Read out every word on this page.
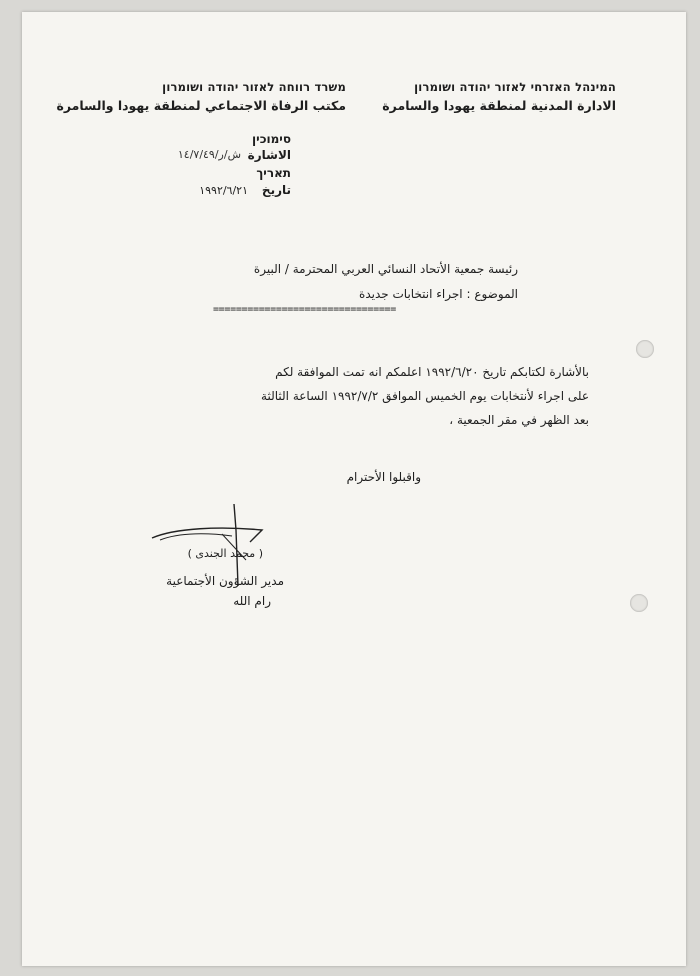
המינהל האזרחי לאזור יהודה ושומרון
الادارة المدنية لمنطقة يهودا والسامرة
משרד רווחה לאזור יהודה ושומרון
مكتب الرفاة الاجتماعي لمنطقة يهودا والسامرة
סימוכין
الاشارة
ش/ر/١٤/٧/٤٩
תאריך
تاريخ
١٩٩٢/٦/٢١
رئيسة جمعية الأتحاد النسائي العربي المحترمة / البيرة
الموضوع : اجراء انتخابات جديدة
================================
بالأشارة لكتابكم تاريخ ١٩٩٢/٦/٢٠ اعلمكم انه تمت الموافقة لكم
على اجراء لأنتخابات يوم الخميس الموافق ١٩٩٢/٧/٢ الساعة الثالثة
بعد الظهر في مقر الجمعية ،
واقبلوا الأحترام
( محمد الجندى )
مدير الشؤون الأجتماعية
رام الله
